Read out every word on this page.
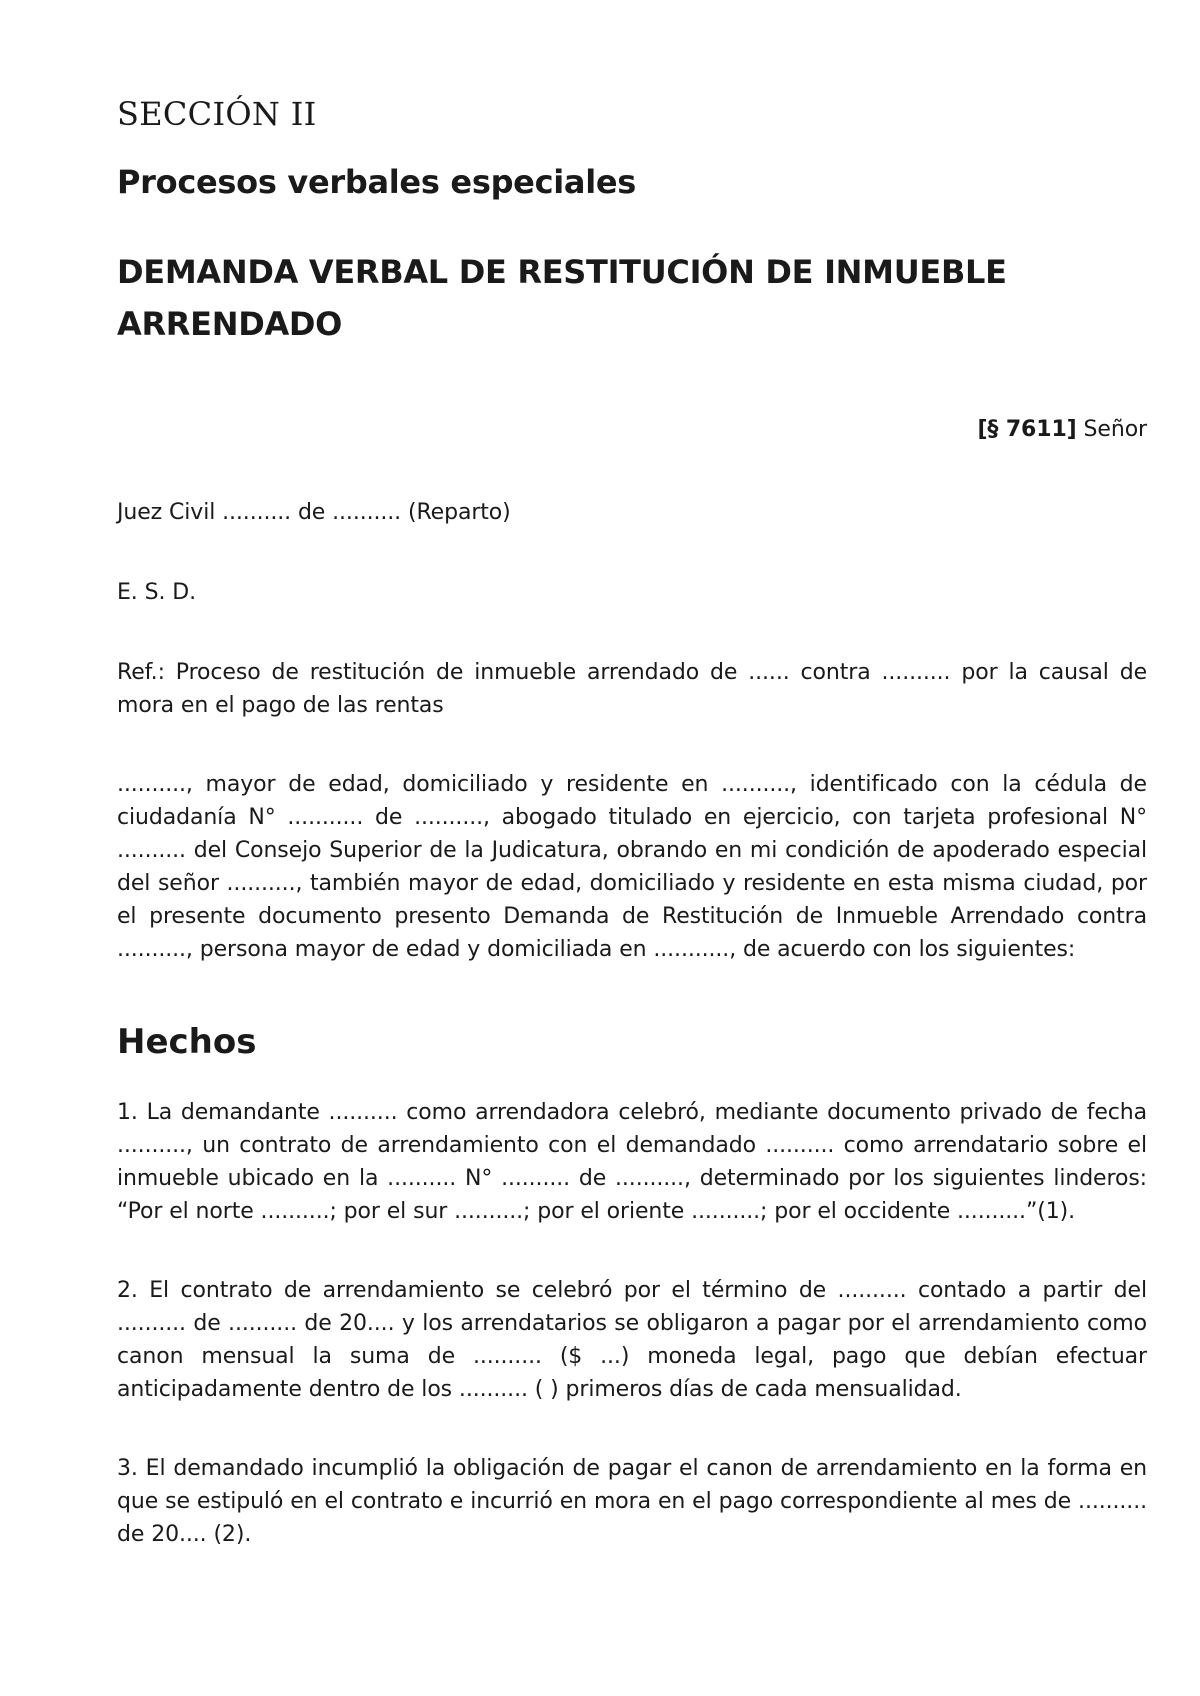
SECCIÓN II
Procesos verbales especiales
DEMANDA VERBAL DE RESTITUCIÓN DE INMUEBLE ARRENDADO

[§ 7611] Señor

Juez Civil .......... de .......... (Reparto)

E. S. D.

Ref.: Proceso de restitución de inmueble arrendado de ...... contra .......... por la causal de mora en el pago de las rentas

.........., mayor de edad, domiciliado y residente en .........., identificado con la cédula de ciudadanía N° ........... de .........., abogado titulado en ejercicio, con tarjeta profesional N° .......... del Consejo Superior de la Judicatura, obrando en mi condición de apoderado especial del señor .........., también mayor de edad, domiciliado y residente en esta misma ciudad, por el presente documento presento Demanda de Restitución de Inmueble Arrendado contra .........., persona mayor de edad y domiciliada en ..........., de acuerdo con los siguientes:

Hechos

1. La demandante .......... como arrendadora celebró, mediante documento privado de fecha .........., un contrato de arrendamiento con el demandado .......... como arrendatario sobre el inmueble ubicado en la .......... N° .......... de .........., determinado por los siguientes linderos: “Por el norte ..........; por el sur ..........; por el oriente ..........; por el occidente ..........”(1).

2. El contrato de arrendamiento se celebró por el término de .......... contado a partir del .......... de .......... de 20.... y los arrendatarios se obligaron a pagar por el arrendamiento como canon mensual la suma de .......... ($ ...) moneda legal, pago que debían efectuar anticipadamente dentro de los .......... ( ) primeros días de cada mensualidad.

3. El demandado incumplió la obligación de pagar el canon de arrendamiento en la forma en que se estipuló en el contrato e incurrió en mora en el pago correspondiente al mes de .......... de 20.... (2).
